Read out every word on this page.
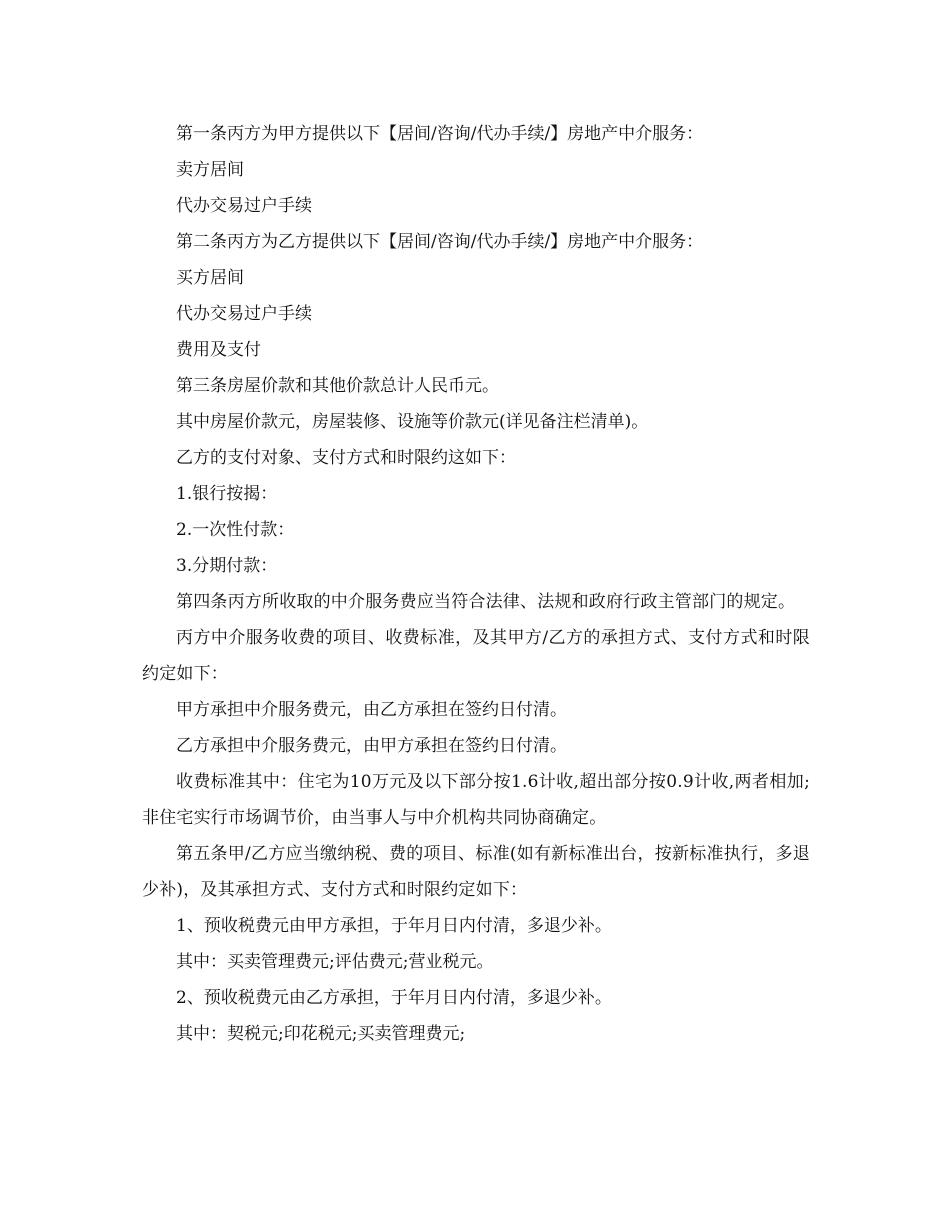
第一条丙方为甲方提供以下【居间/咨询/代办手续/】房地产中介服务：

卖方居间

代办交易过户手续

第二条丙方为乙方提供以下【居间/咨询/代办手续/】房地产中介服务：

买方居间

代办交易过户手续

费用及支付

第三条房屋价款和其他价款总计人民币元。

其中房屋价款元，房屋装修、设施等价款元(详见备注栏清单)。

乙方的支付对象、支付方式和时限约这如下：

1.银行按揭：

2.一次性付款：

3.分期付款：

第四条丙方所收取的中介服务费应当符合法律、法规和政府行政主管部门的规定。

丙方中介服务收费的项目、收费标准，及其甲方/乙方的承担方式、支付方式和时限约定如下：

甲方承担中介服务费元，由乙方承担在签约日付清。

乙方承担中介服务费元，由甲方承担在签约日付清。

收费标准其中：住宅为10万元及以下部分按1.6计收,超出部分按0.9计收,两者相加;非住宅实行市场调节价，由当事人与中介机构共同协商确定。

第五条甲/乙方应当缴纳税、费的项目、标准(如有新标准出台，按新标准执行，多退少补)，及其承担方式、支付方式和时限约定如下：

1、预收税费元由甲方承担，于年月日内付清，多退少补。

其中：买卖管理费元;评估费元;营业税元。

2、预收税费元由乙方承担，于年月日内付清，多退少补。

其中：契税元;印花税元;买卖管理费元;
